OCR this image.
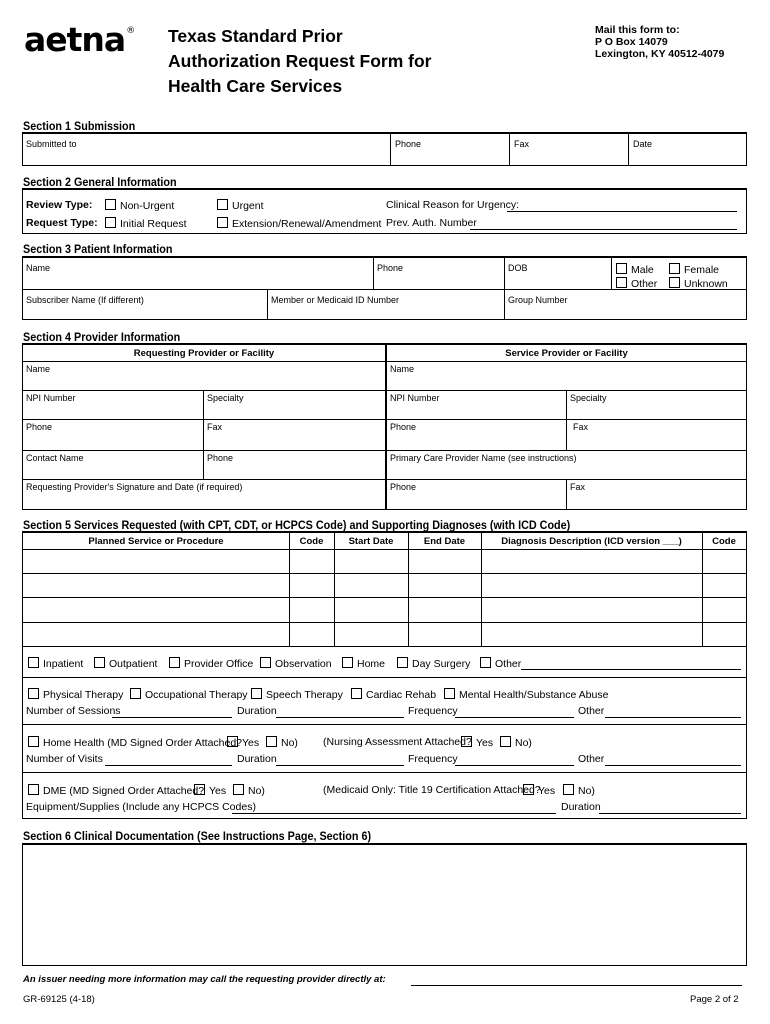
aetna® Texas Standard Prior
Authorization Request Form for
Health Care Services
Mail this form to:
P O Box 14079
Lexington, KY 40512-4079
Section 1 Submission
Submitted to	Phone	Fax	Date
Section 2 General Information
Review Type:	Non-Urgent	Urgent	Clinical Reason for Urgency:
Request Type:	Initial Request	Extension/Renewal/Amendment Prev. Auth. Number
Section 3 Patient Information
Name	Phone	DOB	Male	Female
Other	Unknown
Subscriber Name (If different)	Member or Medicaid ID Number	Group Number
Section 4 Provider Information
Requesting Provider or Facility	Service Provider or Facility
Name	Name
NPI Number	Specialty	NPI Number	Specialty
Phone	Fax	Phone	Fax
Contact Name	Phone	Primary Care Provider Name (see instructions)
Requesting Provider's Signature and Date (if required)	Phone	Fax
Section 5 Services Requested (with CPT, CDT, or HCPCS Code) and Supporting Diagnoses (with ICD Code)
Planned Service or Procedure	Code	Start Date	End Date	Diagnosis Description (ICD version ___)	Code
Inpatient	Outpatient	Provider Office	Observation	Home	Day Surgery	Other
Physical Therapy	Occupational Therapy	Speech Therapy	Cardiac Rehab	Mental Health/Substance Abuse
Number of Sessions	Duration	Frequency	Other
Home Health (MD Signed Order Attached? Yes	No) (Nursing Assessment Attached? Yes	No)
Number of Visits	Duration	Frequency	Other
DME (MD Signed Order Attached? Yes	No)	(Medicaid Only: Title 19 Certification Attached?
Yes	No)
Equipment/Supplies (Include any HCPCS Codes)	Duration
Section 6 Clinical Documentation (See Instructions Page, Section 6)
An issuer needing more information may call the requesting provider directly at:
GR-69125 (4-18)	Page 2 of 2
